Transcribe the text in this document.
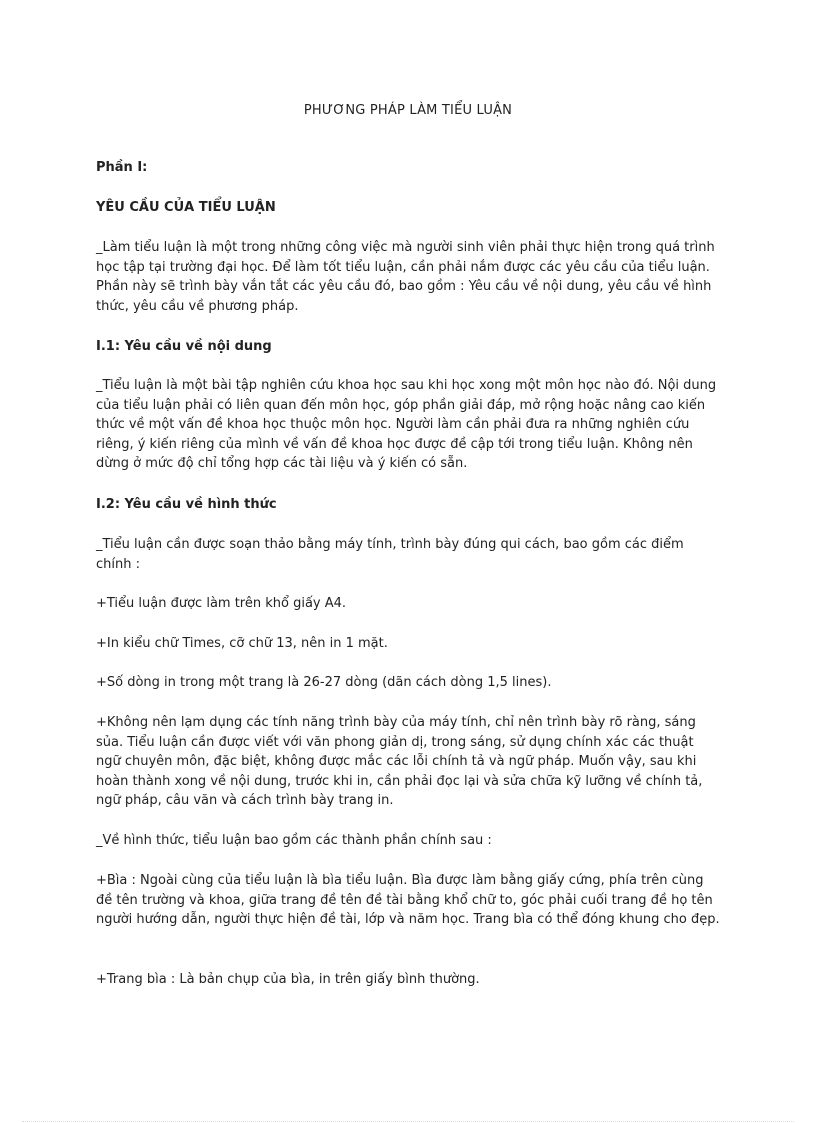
PHƯƠNG PHÁP LÀM TIỂU LUẬN

Phần I:

YÊU CẦU CỦA TIỂU LUẬN

_Làm tiểu luận là một trong những công việc mà người sinh viên phải thực hiện trong quá trình học tập tại trường đại học. Để làm tốt tiểu luận, cần phải nắm được các yêu cầu của tiểu luận. Phần này sẽ trình bày vắn tắt các yêu cầu đó, bao gồm : Yêu cầu về nội dung, yêu cầu về hình thức, yêu cầu về phương pháp.

I.1: Yêu cầu về nội dung

_Tiểu luận là một bài tập nghiên cứu khoa học sau khi học xong một môn học nào đó. Nội dung của tiểu luận phải có liên quan đến môn học, góp phần giải đáp, mở rộng hoặc nâng cao kiến thức về một vấn đề khoa học thuộc môn học. Người làm cần phải đưa ra những nghiên cứu riêng, ý kiến riêng của mình về vấn đề khoa học được đề cập tới trong tiểu luận. Không nên dừng ở mức độ chỉ tổng hợp các tài liệu và ý kiến có sẵn.

I.2: Yêu cầu về hình thức

_Tiểu luận cần được soạn thảo bằng máy tính, trình bày đúng qui cách, bao gồm các điểm chính :

+Tiểu luận được làm trên khổ giấy A4.

+In kiểu chữ Times, cỡ chữ 13, nên in 1 mặt.

+Số dòng in trong một trang là 26-27 dòng (dãn cách dòng 1,5 lines).

+Không nên lạm dụng các tính năng trình bày của máy tính, chỉ nên trình bày rõ ràng, sáng sủa. Tiểu luận cần được viết với văn phong giản dị, trong sáng, sử dụng chính xác các thuật ngữ chuyên môn, đặc biệt, không được mắc các lỗi chính tả và ngữ pháp. Muốn vậy, sau khi hoàn thành xong về nội dung, trước khi in, cần phải đọc lại và sửa chữa kỹ lưỡng về chính tả, ngữ pháp, câu văn và cách trình bày trang in.

_Về hình thức, tiểu luận bao gồm các thành phần chính sau :

+Bìa : Ngoài cùng của tiểu luận là bìa tiểu luận. Bìa được làm bằng giấy cứng, phía trên cùng đề tên trường và khoa, giữa trang đề tên đề tài bằng khổ chữ to, góc phải cuối trang đề họ tên người hướng dẫn, người thực hiện đề tài, lớp và năm học. Trang bìa có thể đóng khung cho đẹp.

+Trang bìa : Là bản chụp của bìa, in trên giấy bình thường.
